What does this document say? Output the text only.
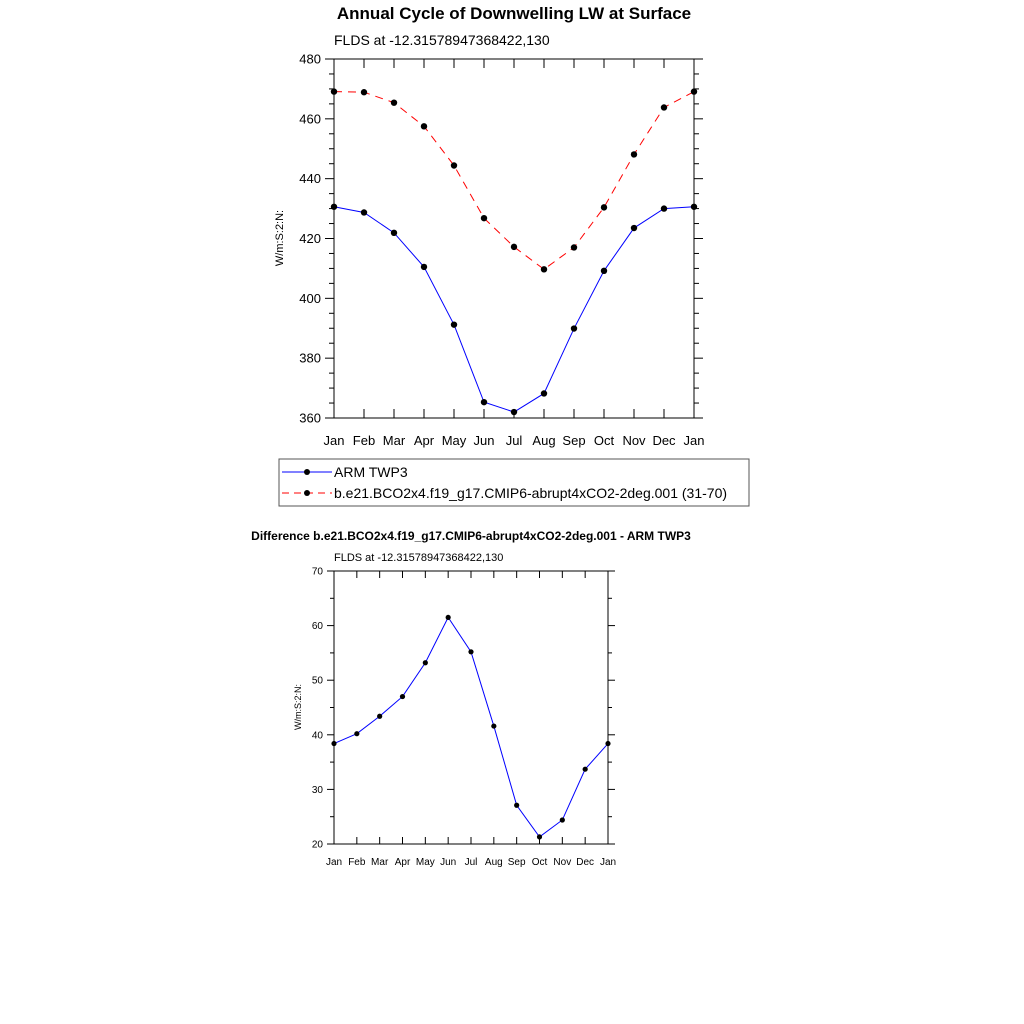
Annual Cycle of Downwelling LW at Surface
FLDS at -12.31578947368422,130
W/m:S:2:N:
Jan Feb Mar Apr May Jun Jul Aug Sep Oct Nov Dec Jan
360
380
400
420
440
460
480
ARM TWP3
b.e21.BCO2x4.f19_g17.CMIP6-abrupt4xCO2-2deg.001 (31-70)
Difference b.e21.BCO2x4.f19_g17.CMIP6-abrupt4xCO2-2deg.001 - ARM TWP3
FLDS at -12.31578947368422,130
W/m:S:2:N:
Jan Feb Mar Apr May Jun Jul Aug Sep Oct Nov Dec Jan
20
30
40
50
60
70
